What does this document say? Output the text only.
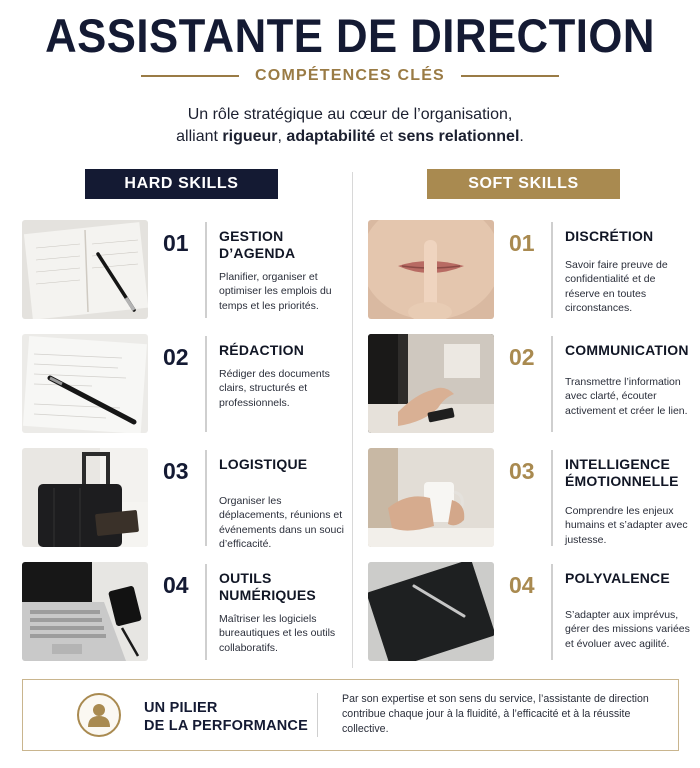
ASSISTANTE DE DIRECTION
COMPÉTENCES CLÉS
Un rôle stratégique au cœur de l’organisation,
alliant rigueur, adaptabilité et sens relationnel.
HARD SKILLS	SOFT SKILLS
01 GESTION D’AGENDA
Planifier, organiser et optimiser les emplois du temps et les priorités.
02 RÉDACTION
Rédiger des documents clairs, structurés et professionnels.
03 LOGISTIQUE
Organiser les déplacements, réunions et événements dans un souci d’efficacité.
04 OUTILS NUMÉRIQUES
Maîtriser les logiciels bureautiques et les outils collaboratifs.
01 DISCRÉTION
Savoir faire preuve de confidentialité et de réserve en toutes circonstances.
02 COMMUNICATION
Transmettre l’information avec clarté, écouter activement et créer le lien.
03 INTELLIGENCE ÉMOTIONNELLE
Comprendre les enjeux humains et s’adapter avec justesse.
04 POLYVALENCE
S’adapter aux imprévus, gérer des missions variées et évoluer avec agilité.
UN PILIER
DE LA PERFORMANCE
Par son expertise et son sens du service, l’assistante de direction contribue chaque jour à la fluidité, à l’efficacité et à la réussite collective.
